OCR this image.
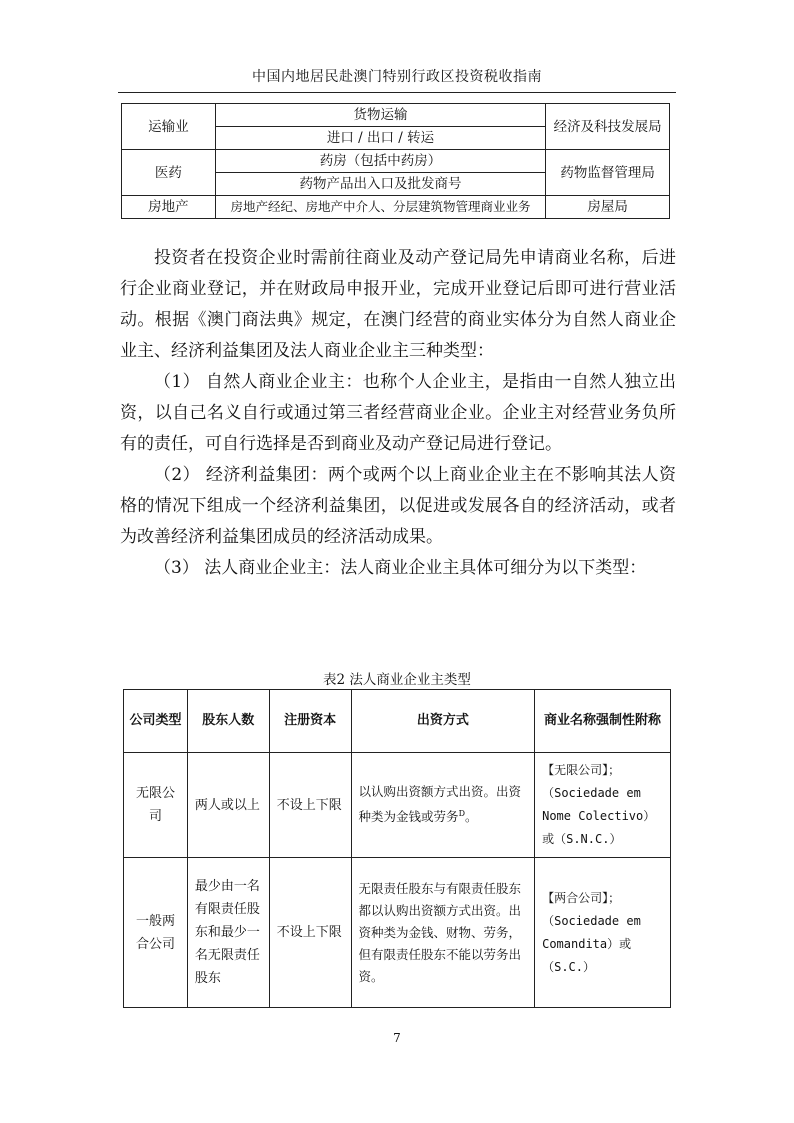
中国内地居民赴澳门特别行政区投资税收指南
运输业	货物运输	经济及科技发展局
	进口 / 出口 / 转运	
医药	药房（包括中药房）	药物监督管理局
	药物产品出入口及批发商号	
房地产	房地产经纪、房地产中介人、分层建筑物管理商业业务	房屋局

投资者在投资企业时需前往商业及动产登记局先申请商业名称，后进行企业商业登记，并在财政局申报开业，完成开业登记后即可进行营业活动。根据《澳门商法典》规定，在澳门经营的商业实体分为自然人商业企业主、经济利益集团及法人商业企业主三种类型：

（1） 自然人商业企业主：也称个人企业主，是指由一自然人独立出资，以自己名义自行或通过第三者经营商业企业。企业主对经营业务负所有的责任，可自行选择是否到商业及动产登记局进行登记。

（2） 经济利益集团：两个或两个以上商业企业主在不影响其法人资格的情况下组成一个经济利益集团，以促进或发展各自的经济活动，或者为改善经济利益集团成员的经济活动成果。

（3） 法人商业企业主：法人商业企业主具体可细分为以下类型：

表2 法人商业企业主类型
公司类型	股东人数	注册资本	出资方式	商业名称强制性附称
无限公司	两人或以上	不设上下限	以认购出资额方式出资。出资种类为金钱或劳务$^D$。	【无限公司】；（Sociedade em Nome Colectivo）或（S.N.C.）
一般两合公司	最少由一名有限责任股东和最少一名无限责任股东	不设上下限	无限责任股东与有限责任股东都以认购出资额方式出资。出资种类为金钱、财物、劳务，但有限责任股东不能以劳务出资。	【两合公司】；（Sociedade em Comandita）或（S.C.）
7
